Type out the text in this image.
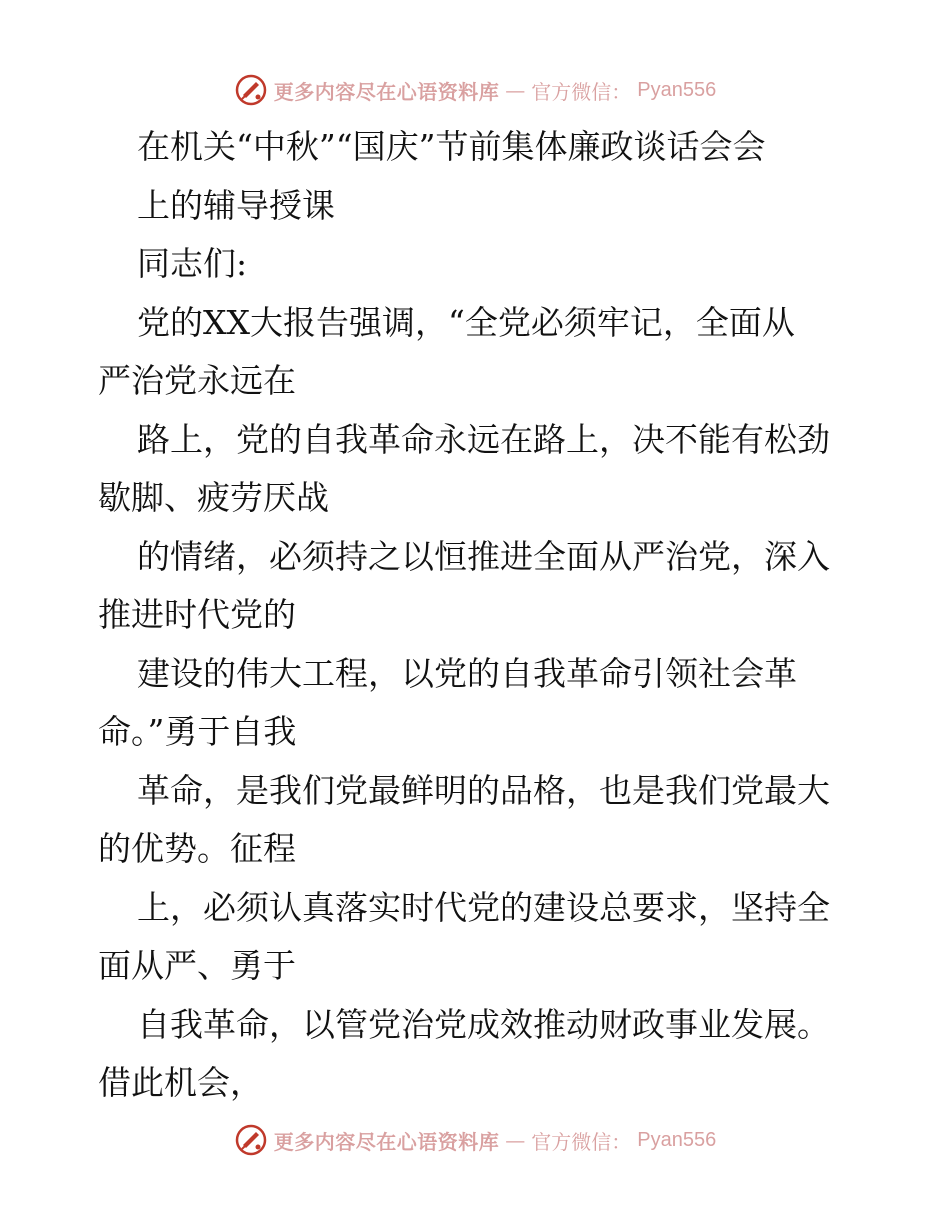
更多内容尽在心语资料库 — 官方微信： Pyan556
在机关“中秋”“国庆”节前集体廉政谈话会会
上的辅导授课
同志们:
党的XX大报告强调，“全党必须牢记，全面从
严治党永远在
路上，党的自我革命永远在路上，决不能有松劲
歇脚、疲劳厌战
的情绪，必须持之以恒推进全面从严治党，深入
推进时代党的
建设的伟大工程，以党的自我革命引领社会革
命。”勇于自我
革命，是我们党最鲜明的品格，也是我们党最大
的优势。征程
上，必须认真落实时代党的建设总要求，坚持全
面从严、勇于
自我革命，以管党治党成效推动财政事业发展。
借此机会，
更多内容尽在心语资料库 — 官方微信： Pyan556
